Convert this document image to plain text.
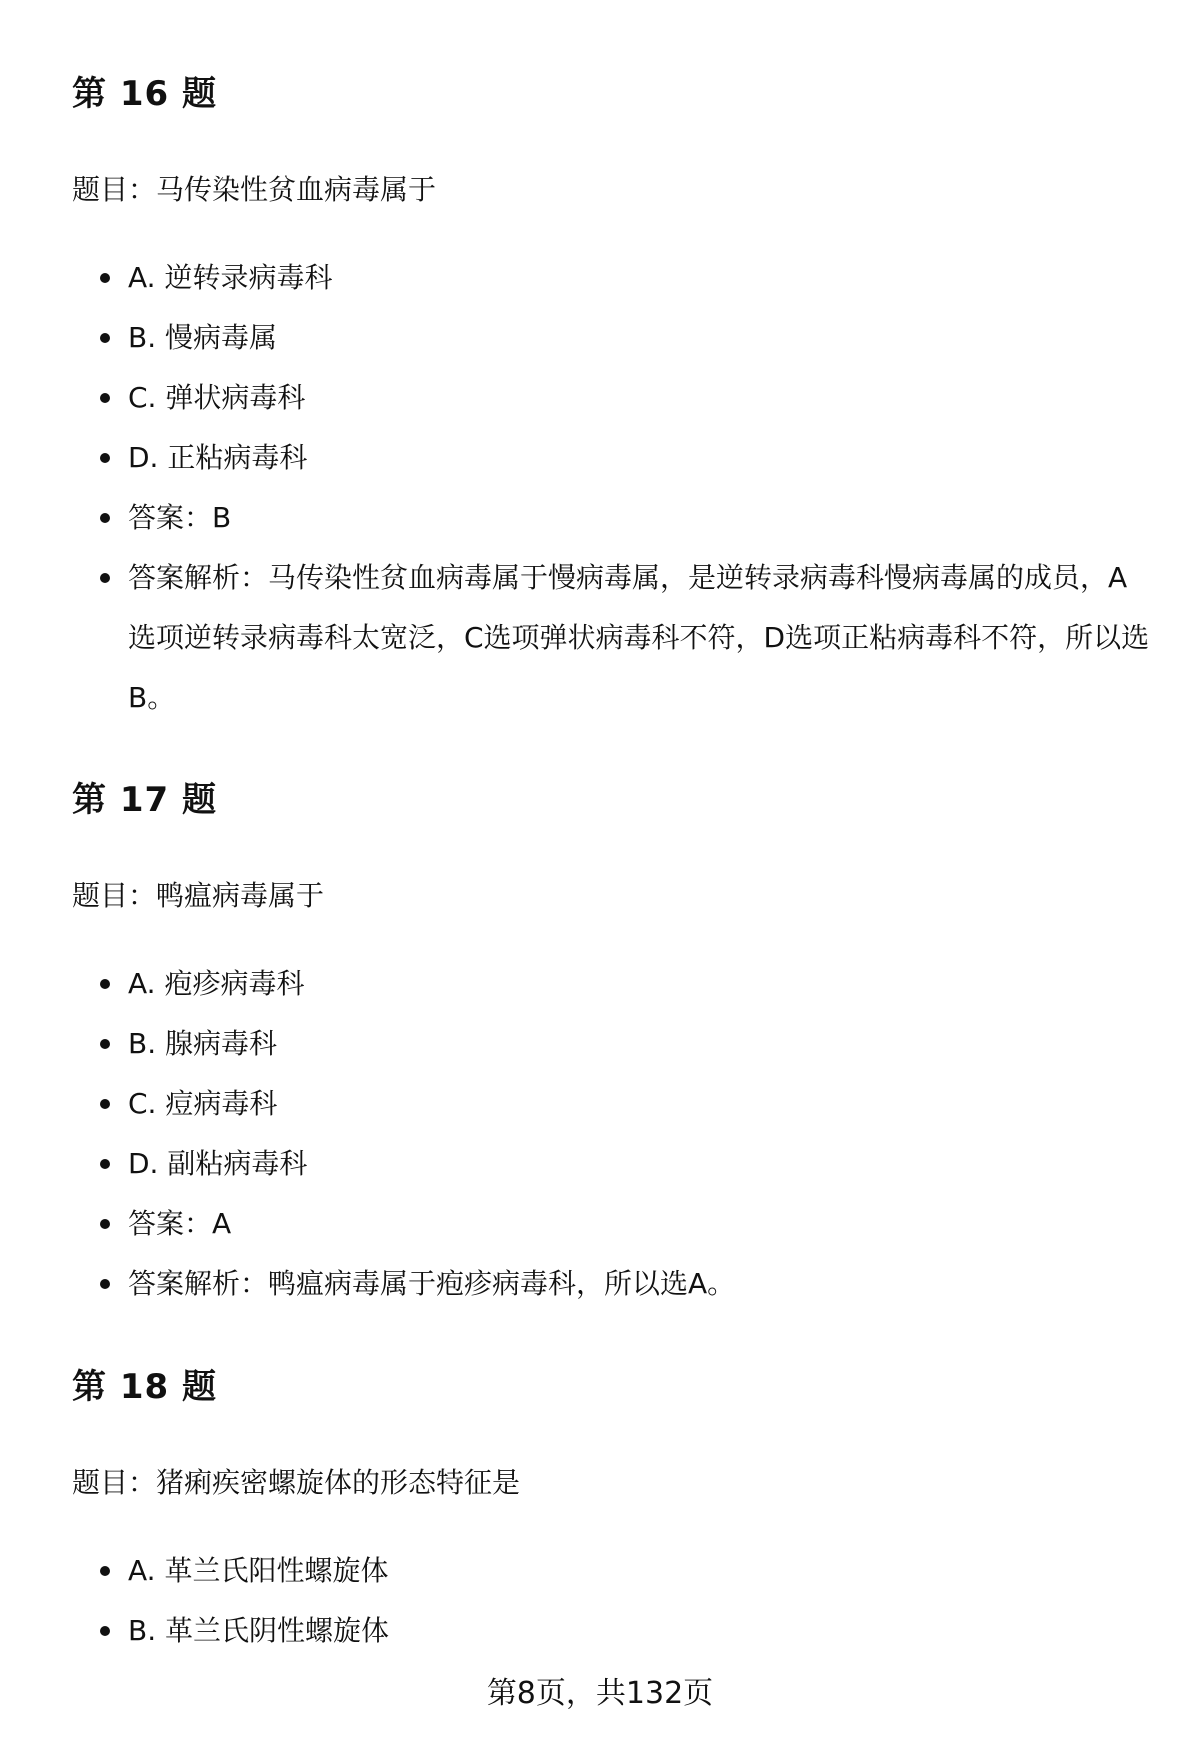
第 16 题

题目：马传染性贫血病毒属于

A. 逆转录病毒科
B. 慢病毒属
C. 弹状病毒科
D. 正粘病毒科
答案：B
答案解析：马传染性贫血病毒属于慢病毒属，是逆转录病毒科慢病毒属的成员，A选项逆转录病毒科太宽泛，C选项弹状病毒科不符，D选项正粘病毒科不符，所以选B。
第 17 题

题目：鸭瘟病毒属于

A. 疱疹病毒科
B. 腺病毒科
C. 痘病毒科
D. 副粘病毒科
答案：A
答案解析：鸭瘟病毒属于疱疹病毒科，所以选A。
第 18 题

题目：猪痢疾密螺旋体的形态特征是

A. 革兰氏阳性螺旋体
B. 革兰氏阴性螺旋体
第8页，共132页
